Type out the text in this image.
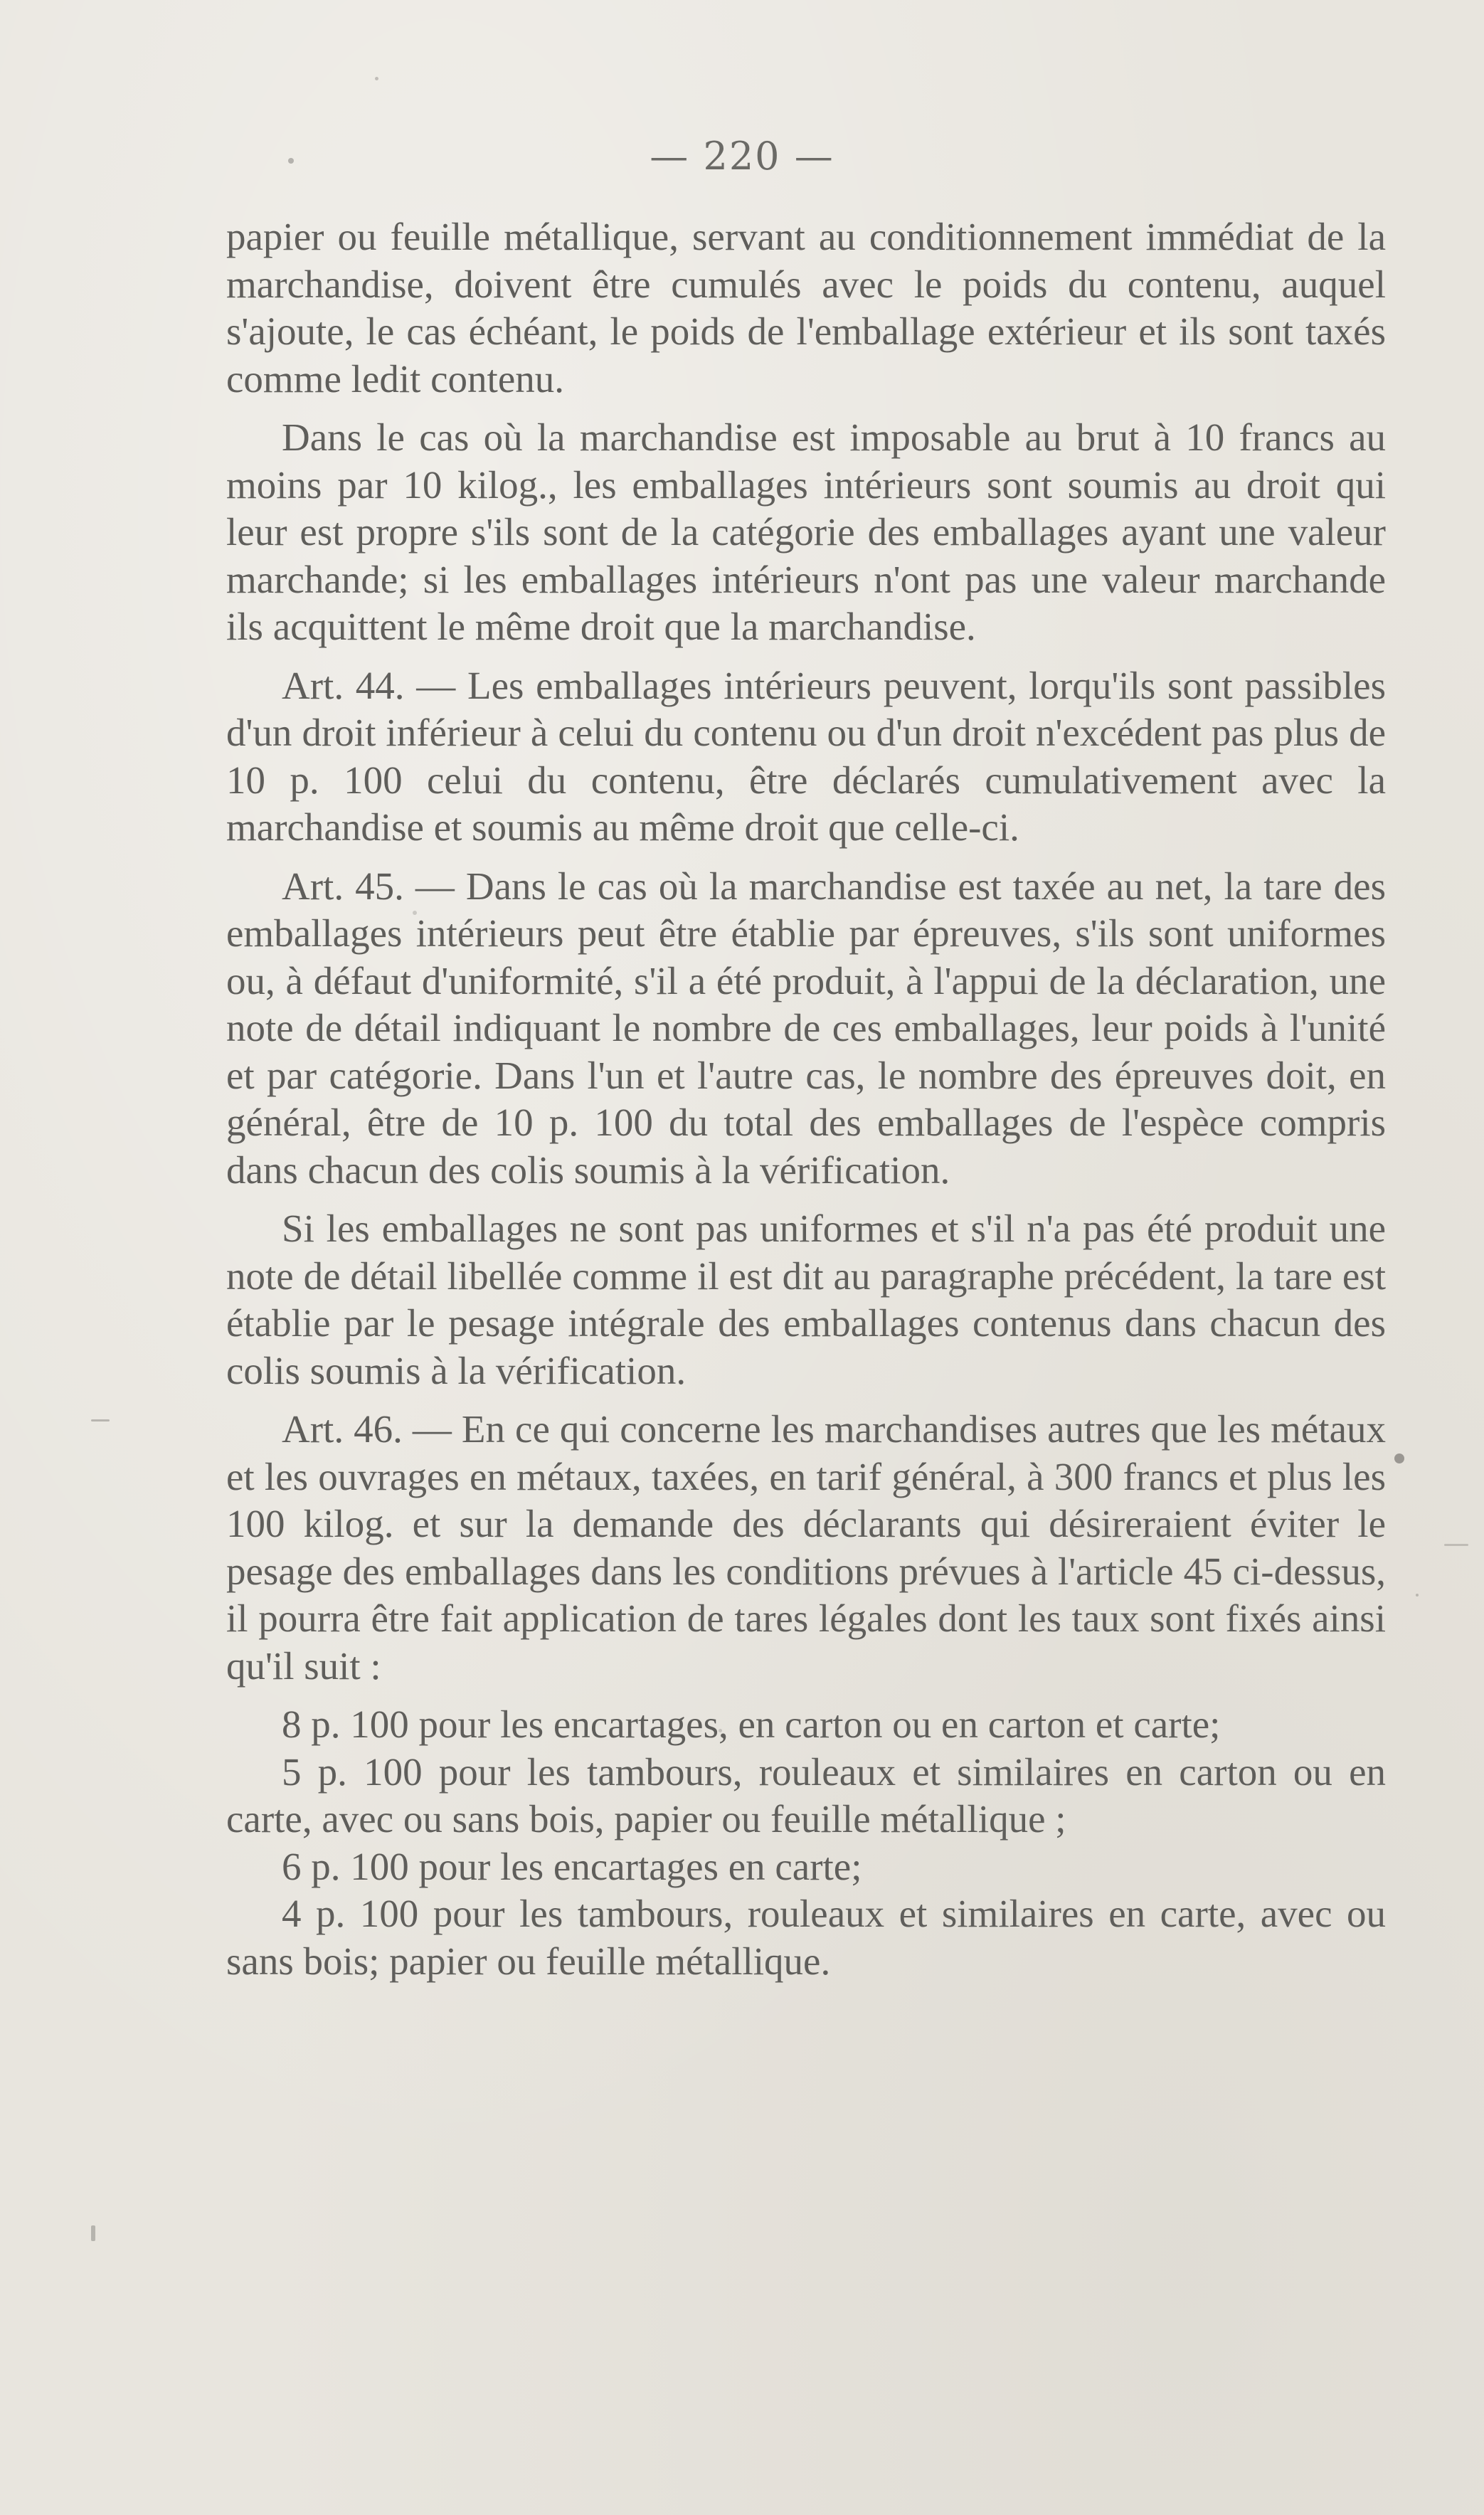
— 220 —

papier ou feuille métallique, servant au conditionnement immédiat de la marchandise, doivent être cumulés avec le poids du contenu, auquel s'ajoute, le cas échéant, le poids de l'emballage extérieur et ils sont taxés comme ledit contenu.

Dans le cas où la marchandise est imposable au brut à 10 francs au moins par 10 kilog., les emballages intérieurs sont soumis au droit qui leur est propre s'ils sont de la catégorie des emballages ayant une valeur marchande; si les emballages intérieurs n'ont pas une valeur marchande ils acquittent le même droit que la marchandise.

Art. 44. — Les emballages intérieurs peuvent, lorqu'ils sont passibles d'un droit inférieur à celui du contenu ou d'un droit n'excédent pas plus de 10 p. 100 celui du contenu, être déclarés cumulativement avec la marchandise et soumis au même droit que celle-ci.

Art. 45. — Dans le cas où la marchandise est taxée au net, la tare des emballages intérieurs peut être établie par épreuves, s'ils sont uniformes ou, à défaut d'uniformité, s'il a été produit, à l'appui de la déclaration, une note de détail indiquant le nombre de ces emballages, leur poids à l'unité et par catégorie. Dans l'un et l'autre cas, le nombre des épreuves doit, en général, être de 10 p. 100 du total des emballages de l'espèce compris dans chacun des colis soumis à la vérification.

Si les emballages ne sont pas uniformes et s'il n'a pas été produit une note de détail libellée comme il est dit au paragraphe précédent, la tare est établie par le pesage intégrale des emballages contenus dans chacun des colis soumis à la vérification.

Art. 46. — En ce qui concerne les marchandises autres que les métaux et les ouvrages en métaux, taxées, en tarif général, à 300 francs et plus les 100 kilog. et sur la demande des déclarants qui désireraient éviter le pesage des emballages dans les conditions prévues à l'article 45 ci-dessus, il pourra être fait application de tares légales dont les taux sont fixés ainsi qu'il suit :

8 p. 100 pour les encartages, en carton ou en carton et carte;

5 p. 100 pour les tambours, rouleaux et similaires en carton ou en carte, avec ou sans bois, papier ou feuille métallique ;

6 p. 100 pour les encartages en carte;

4 p. 100 pour les tambours, rouleaux et similaires en carte, avec ou sans bois; papier ou feuille métallique.
